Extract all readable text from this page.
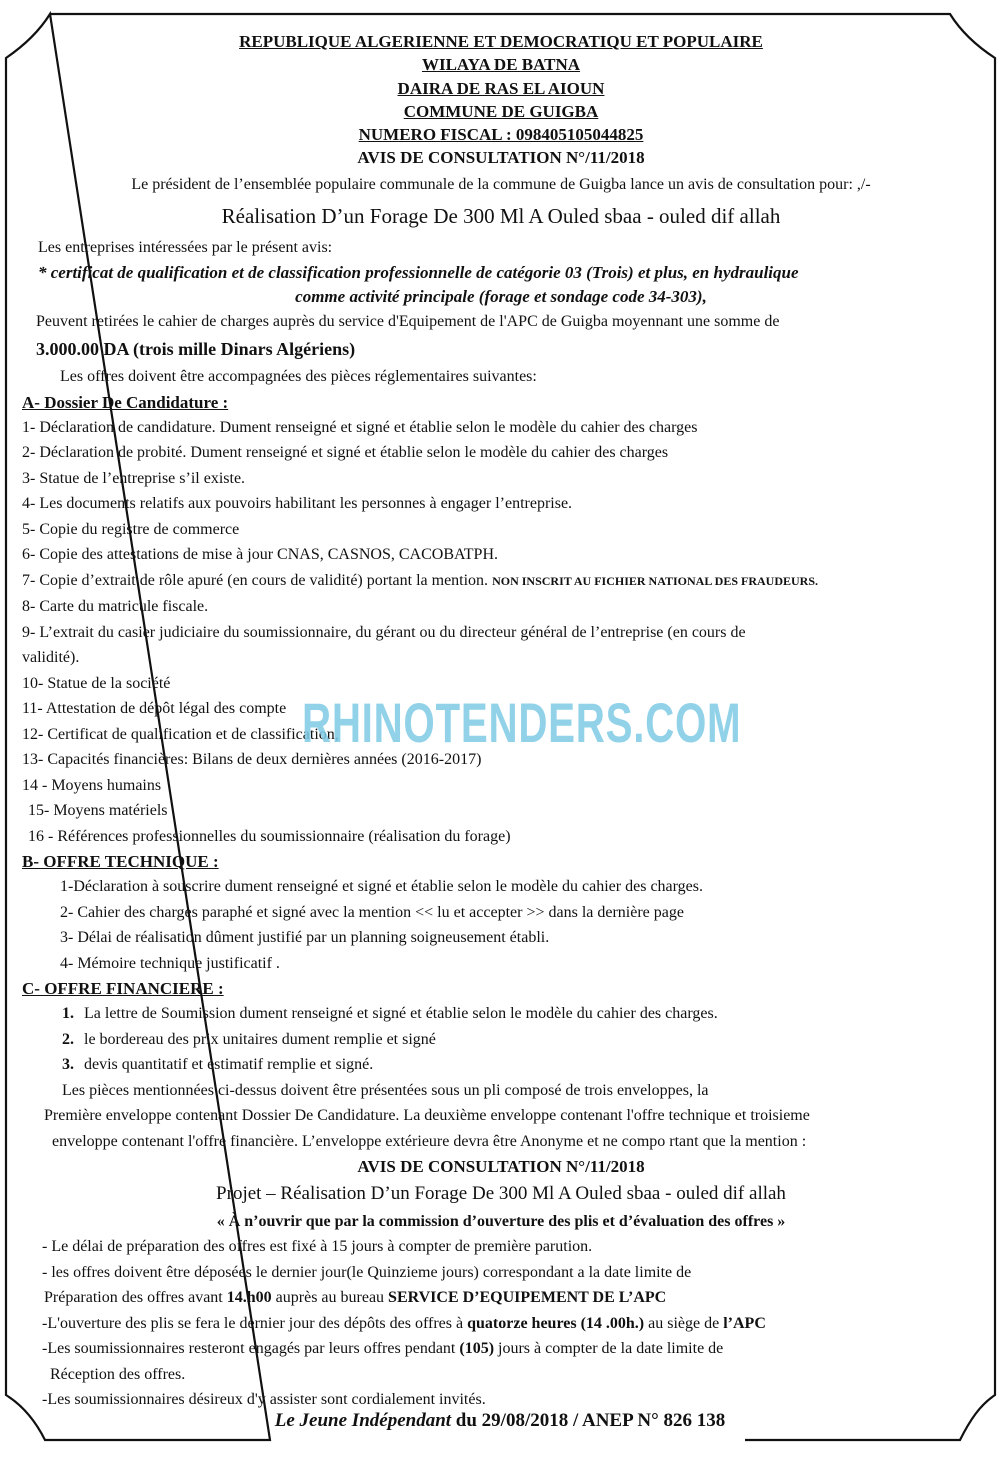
REPUBLIQUE ALGERIENNE ET DEMOCRATIQU ET POPULAIRE
WILAYA DE BATNA
DAIRA DE RAS EL AIOUN
COMMUNE DE GUIGBA
NUMERO FISCAL : 098405105044825
AVIS DE CONSULTATION N°/11/2018
Le président de l’ensemblée populaire communale de la commune de Guigba lance un avis de consultation pour: ,/-
Réalisation D’un Forage De 300 Ml A Ouled sbaa - ouled dif allah
Les entreprises intéressées par le présent avis:
* certificat de qualification et de classification professionnelle de catégorie 03 (Trois) et plus, en hydraulique
comme activité principale (forage et sondage code 34-303),
Peuvent retirées le cahier de charges auprès du service d'Equipement de l'APC de Guigba moyennant une somme de
3.000.00 DA (trois mille Dinars Algériens)
Les offres doivent être accompagnées des pièces réglementaires suivantes:
A- Dossier De Candidature :
1- Déclaration de candidature. Dument renseigné et signé et établie selon le modèle du cahier des charges
2- Déclaration de probité. Dument renseigné et signé et établie selon le modèle du cahier des charges
3- Statue de l’entreprise s’il existe.
4- Les documents relatifs aux pouvoirs habilitant les personnes à engager l’entreprise.
5- Copie du registre de commerce
6- Copie des attestations de mise à jour CNAS, CASNOS, CACOBATPH.
7- Copie d’extrait de rôle apuré (en cours de validité) portant la mention. NON INSCRIT AU FICHIER NATIONAL DES FRAUDEURS.
8- Carte du matricule fiscale.
9- L’extrait du casier judiciaire du soumissionnaire, du gérant ou du directeur général de l’entreprise (en cours de
validité).
10- Statue de la société
11- Attestation de dépôt légal des compte
12- Certificat de qualification et de classification,
13- Capacités financières: Bilans de deux dernières années (2016-2017)
14 - Moyens humains
15- Moyens matériels
16 - Références professionnelles du soumissionnaire (réalisation du forage)
B- OFFRE TECHNIQUE :
1-Déclaration à souscrire dument renseigné et signé et établie selon le modèle du cahier des charges.
2- Cahier des charges paraphé et signé avec la mention << lu et accepter >> dans la dernière page
3- Délai de réalisation dûment justifié par un planning soigneusement établi.
4- Mémoire technique justificatif .
C- OFFRE FINANCIERE :
1. La lettre de Soumission dument renseigné et signé et établie selon le modèle du cahier des charges.
2. le bordereau des prix unitaires dument remplie et signé
3. devis quantitatif et estimatif remplie et signé.
Les pièces mentionnées ci-dessus doivent être présentées sous un pli composé de trois enveloppes, la
Première enveloppe contenant Dossier De Candidature. La deuxième enveloppe contenant l'offre technique et troisieme
enveloppe contenant l'offre financière. L’enveloppe extérieure devra être Anonyme et ne compo rtant que la mention :
AVIS DE CONSULTATION N°/11/2018
Projet – Réalisation D’un Forage De 300 Ml A Ouled sbaa - ouled dif allah
« À n’ouvrir que par la commission d’ouverture des plis et d’évaluation des offres »
- Le délai de préparation des offres est fixé à 15 jours à compter de première parution.
- les offres doivent être déposées le dernier jour(le Quinzieme jours) correspondant a la date limite de
Préparation des offres avant 14.h00 auprès au bureau SERVICE D’EQUIPEMENT DE L’APC
-L'ouverture des plis se fera le dernier jour des dépôts des offres à quatorze heures (14 .00h.) au siège de l’APC
-Les soumissionnaires resteront engagés par leurs offres pendant (105) jours à compter de la date limite de
Réception des offres.
-Les soumissionnaires désireux d'y assister sont cordialement invités.
RHINOTENDERS.COM
Le Jeune Indépendant du 29/08/2018 / ANEP N° 826 138
